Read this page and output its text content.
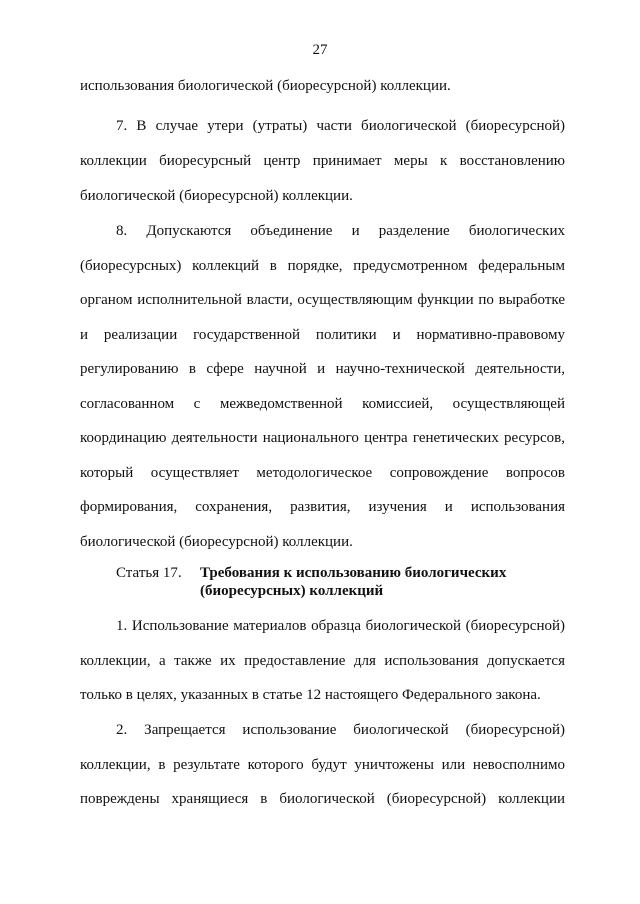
27
использования биологической (биоресурсной) коллекции.
7. В случае утери (утраты) части биологической (биоресурсной)
коллекции биоресурсный центр принимает меры к восстановлению
биологической (биоресурсной) коллекции.
8. Допускаются объединение и разделение биологических
(биоресурсных) коллекций в порядке, предусмотренном федеральным
органом исполнительной власти, осуществляющим функции по выработке
и реализации государственной политики и нормативно-правовому
регулированию в сфере научной и научно-технической деятельности,
согласованном с межведомственной комиссией, осуществляющей
координацию деятельности национального центра генетических ресурсов,
который осуществляет методологическое сопровождение вопросов
формирования, сохранения, развития, изучения и использования
биологической (биоресурсной) коллекции.
Статья 17. Требования к использованию биологических
(биоресурсных) коллекций
1. Использование материалов образца биологической (биоресурсной)
коллекции, а также их предоставление для использования допускается
только в целях, указанных в статье 12 настоящего Федерального закона.
2. Запрещается использование биологической (биоресурсной)
коллекции, в результате которого будут уничтожены или невосполнимо
повреждены хранящиеся в биологической (биоресурсной) коллекции
